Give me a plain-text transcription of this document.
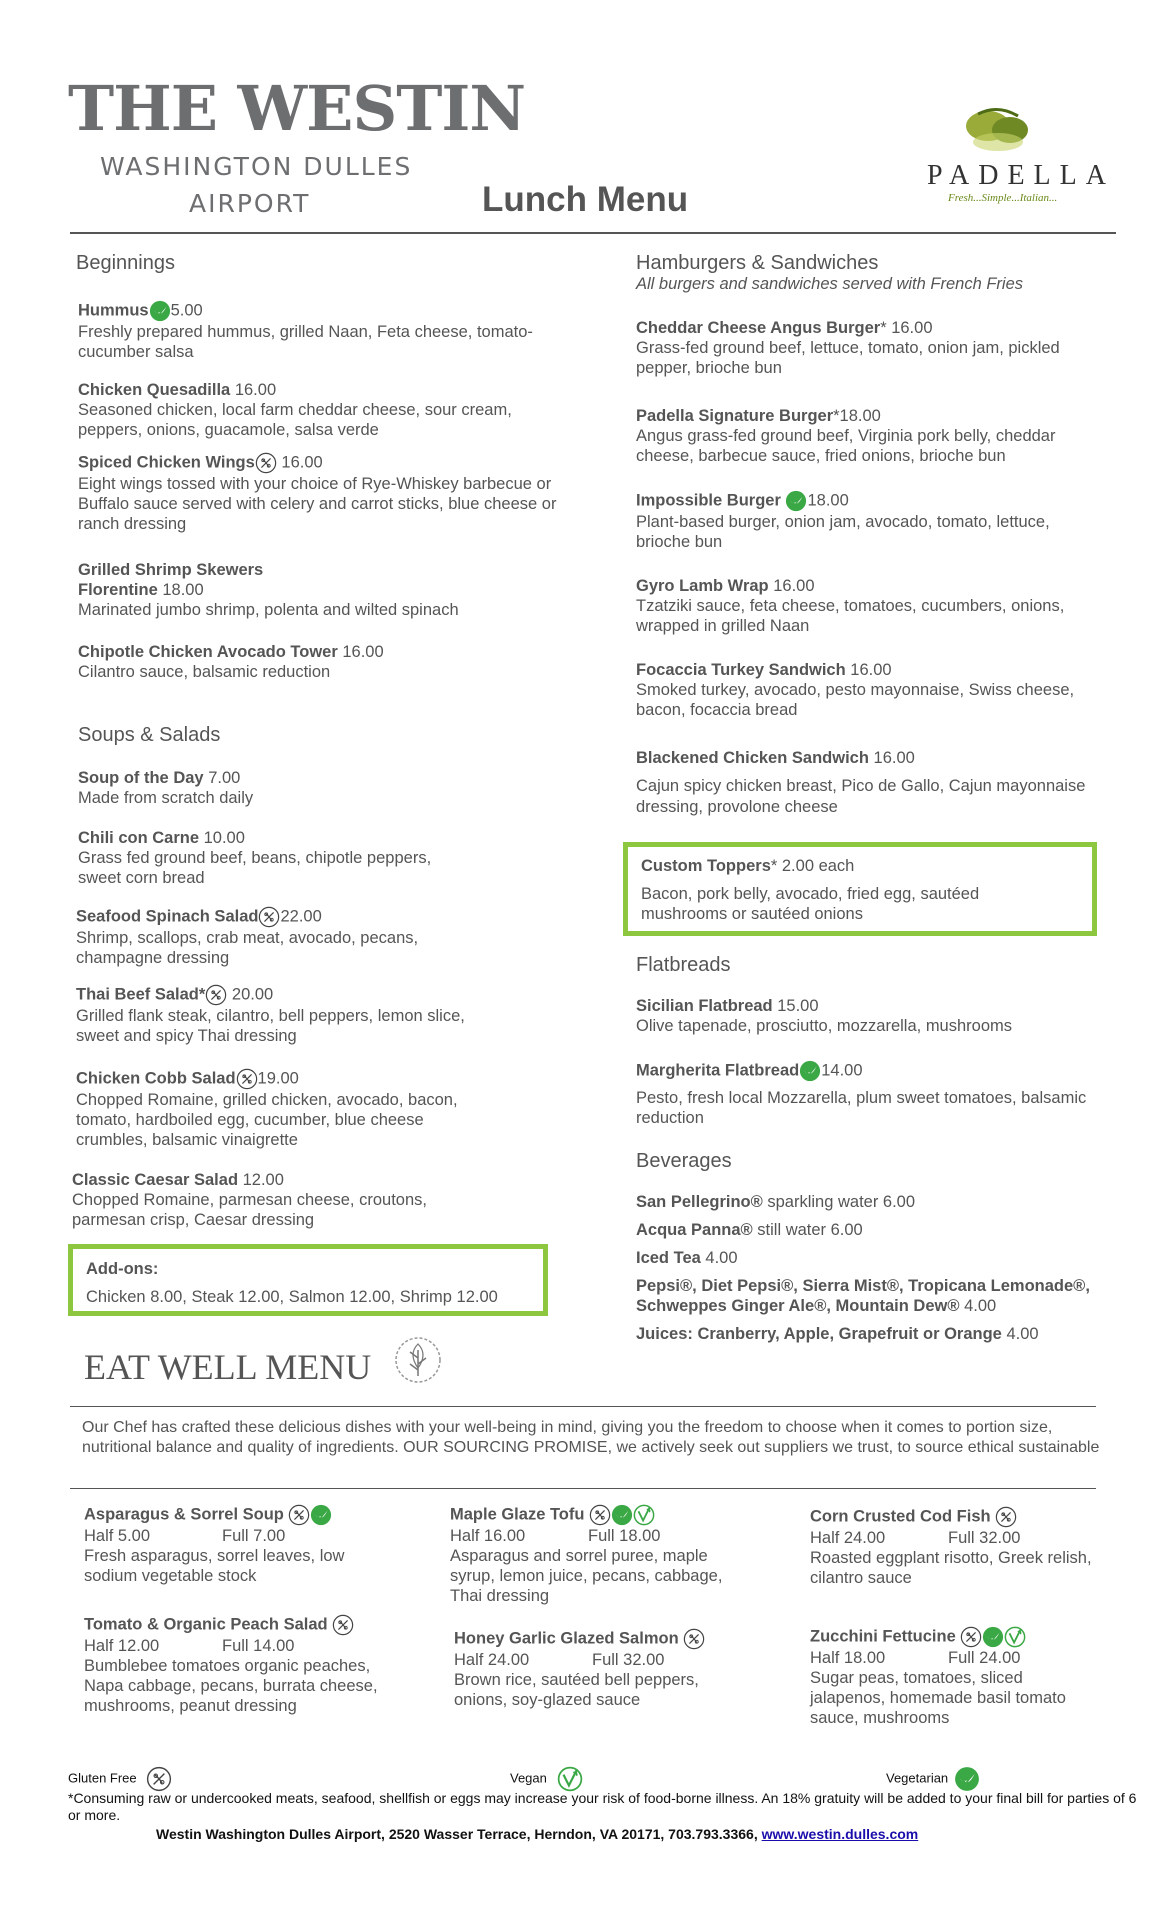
THE WESTIN
WASHINGTON DULLES
AIRPORT	Lunch Menu
PADELLA
Fresh...Simple...Italian...
Beginnings
Hummus 5.00
Freshly prepared hummus, grilled Naan, Feta cheese, tomato-cucumber salsa
Chicken Quesadilla 16.00
Seasoned chicken, local farm cheddar cheese, sour cream, peppers, onions, guacamole, salsa verde
Spiced Chicken Wings 16.00
Eight wings tossed with your choice of Rye-Whiskey barbecue or Buffalo sauce served with celery and carrot sticks, blue cheese or ranch dressing
Grilled Shrimp Skewers Florentine 18.00
Marinated jumbo shrimp, polenta and wilted spinach
Chipotle Chicken Avocado Tower 16.00
Cilantro sauce, balsamic reduction
Soups & Salads
Soup of the Day 7.00
Made from scratch daily
Chili con Carne 10.00
Grass fed ground beef, beans, chipotle peppers, sweet corn bread
Seafood Spinach Salad 22.00
Shrimp, scallops, crab meat, avocado, pecans, champagne dressing
Thai Beef Salad* 20.00
Grilled flank steak, cilantro, bell peppers, lemon slice, sweet and spicy Thai dressing
Chicken Cobb Salad 19.00
Chopped Romaine, grilled chicken, avocado, bacon, tomato, hardboiled egg, cucumber, blue cheese crumbles, balsamic vinaigrette
Classic Caesar Salad 12.00
Chopped Romaine, parmesan cheese, croutons, parmesan crisp, Caesar dressing
Add-ons:
Chicken 8.00, Steak 12.00, Salmon 12.00, Shrimp 12.00
Hamburgers & Sandwiches
All burgers and sandwiches served with French Fries
Cheddar Cheese Angus Burger* 16.00
Grass-fed ground beef, lettuce, tomato, onion jam, pickled pepper, brioche bun
Padella Signature Burger*18.00
Angus grass-fed ground beef, Virginia pork belly, cheddar cheese, barbecue sauce, fried onions, brioche bun
Impossible Burger 18.00
Plant-based burger, onion jam, avocado, tomato, lettuce, brioche bun
Gyro Lamb Wrap 16.00
Tzatziki sauce, feta cheese, tomatoes, cucumbers, onions, wrapped in grilled Naan
Focaccia Turkey Sandwich 16.00
Smoked turkey, avocado, pesto mayonnaise, Swiss cheese, bacon, focaccia bread
Blackened Chicken Sandwich 16.00
Cajun spicy chicken breast, Pico de Gallo, Cajun mayonnaise dressing, provolone cheese
Custom Toppers* 2.00 each
Bacon, pork belly, avocado, fried egg, sautéed mushrooms or sautéed onions
Flatbreads
Sicilian Flatbread 15.00
Olive tapenade, prosciutto, mozzarella, mushrooms
Margherita Flatbread 14.00
Pesto, fresh local Mozzarella, plum sweet tomatoes, balsamic reduction
Beverages
San Pellegrino® sparkling water 6.00
Acqua Panna® still water 6.00
Iced Tea 4.00
Pepsi®, Diet Pepsi®, Sierra Mist®, Tropicana Lemonade®, Schweppes Ginger Ale®, Mountain Dew® 4.00
Juices: Cranberry, Apple, Grapefruit or Orange 4.00
EAT WELL MENU
Our Chef has crafted these delicious dishes with your well-being in mind, giving you the freedom to choose when it comes to portion size, nutritional balance and quality of ingredients. OUR SOURCING PROMISE, we actively seek out suppliers we trust, to source ethical sustainable
Asparagus & Sorrel Soup

Half 5.00	Full 7.00
Fresh asparagus, sorrel leaves, low sodium vegetable stock
Maple Glaze Tofu

Half 16.00	Full 18.00
Asparagus and sorrel puree, maple syrup, lemon juice, pecans, cabbage, Thai dressing
Corn Crusted Cod Fish

Half 24.00	Full 32.00
Roasted eggplant risotto, Greek relish, cilantro sauce
Tomato & Organic Peach Salad

Half 12.00	Full 14.00
Bumblebee tomatoes organic peaches, Napa cabbage, pecans, burrata cheese, mushrooms, peanut dressing
Honey Garlic Glazed Salmon

Half 24.00	Full 32.00
Brown rice, sautéed bell peppers, onions, soy-glazed sauce
Zucchini Fettucine

Half 18.00	Full 24.00
Sugar peas, tomatoes, sliced jalapenos, homemade basil tomato sauce, mushrooms
Gluten Free	Vegan	Vegetarian
*Consuming raw or undercooked meats, seafood, shellfish or eggs may increase your risk of food-borne illness. An 18% gratuity will be added to your final bill for parties of 6 or more.
Westin Washington Dulles Airport, 2520 Wasser Terrace, Herndon, VA 20171, 703.793.3366, www.westin.dulles.com
